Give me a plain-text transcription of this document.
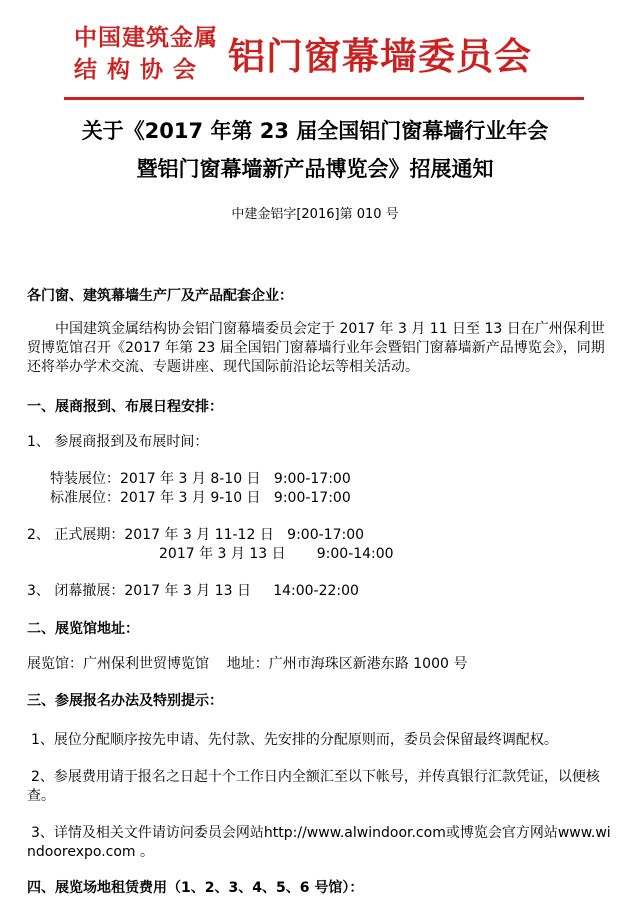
中国建筑金属
结 构 协 会 铝门窗幕墙委员会
关于《2017 年第 23 届全国铝门窗幕墙行业年会
暨铝门窗幕墙新产品博览会》招展通知
中建金铝字[2016]第 010 号
各门窗、建筑幕墙生产厂及产品配套企业：
中国建筑金属结构协会铝门窗幕墙委员会定于 2017 年 3 月 11 日至 13 日在广州保利世贸博览馆召开《2017 年第 23 届全国铝门窗幕墙行业年会暨铝门窗幕墙新产品博览会》，同期还将举办学术交流、专题讲座、现代国际前沿论坛等相关活动。
一、展商报到、布展日程安排：
1、 参展商报到及布展时间：
特装展位：2017 年 3 月 8-10 日   9:00-17:00
标准展位：2017 年 3 月 9-10 日   9:00-17:00
2、 正式展期：2017 年 3 月 11-12 日   9:00-17:00
2017 年 3 月 13 日       9:00-14:00
3、 闭幕撤展：2017 年 3 月 13 日     14:00-22:00
二、展览馆地址：
展览馆：广州保利世贸博览馆    地址：广州市海珠区新港东路 1000 号
三、参展报名办法及特别提示：
1、展位分配顺序按先申请、先付款、先安排的分配原则而，委员会保留最终调配权。
2、参展费用请于报名之日起十个工作日内全额汇至以下帐号，并传真银行汇款凭证，以便核查。
3、详情及相关文件请访问委员会网站http://www.alwindoor.com或博览会官方网站www.windoorexpo.com 。
四、展览场地租赁费用（1、2、3、4、5、6 号馆）：
